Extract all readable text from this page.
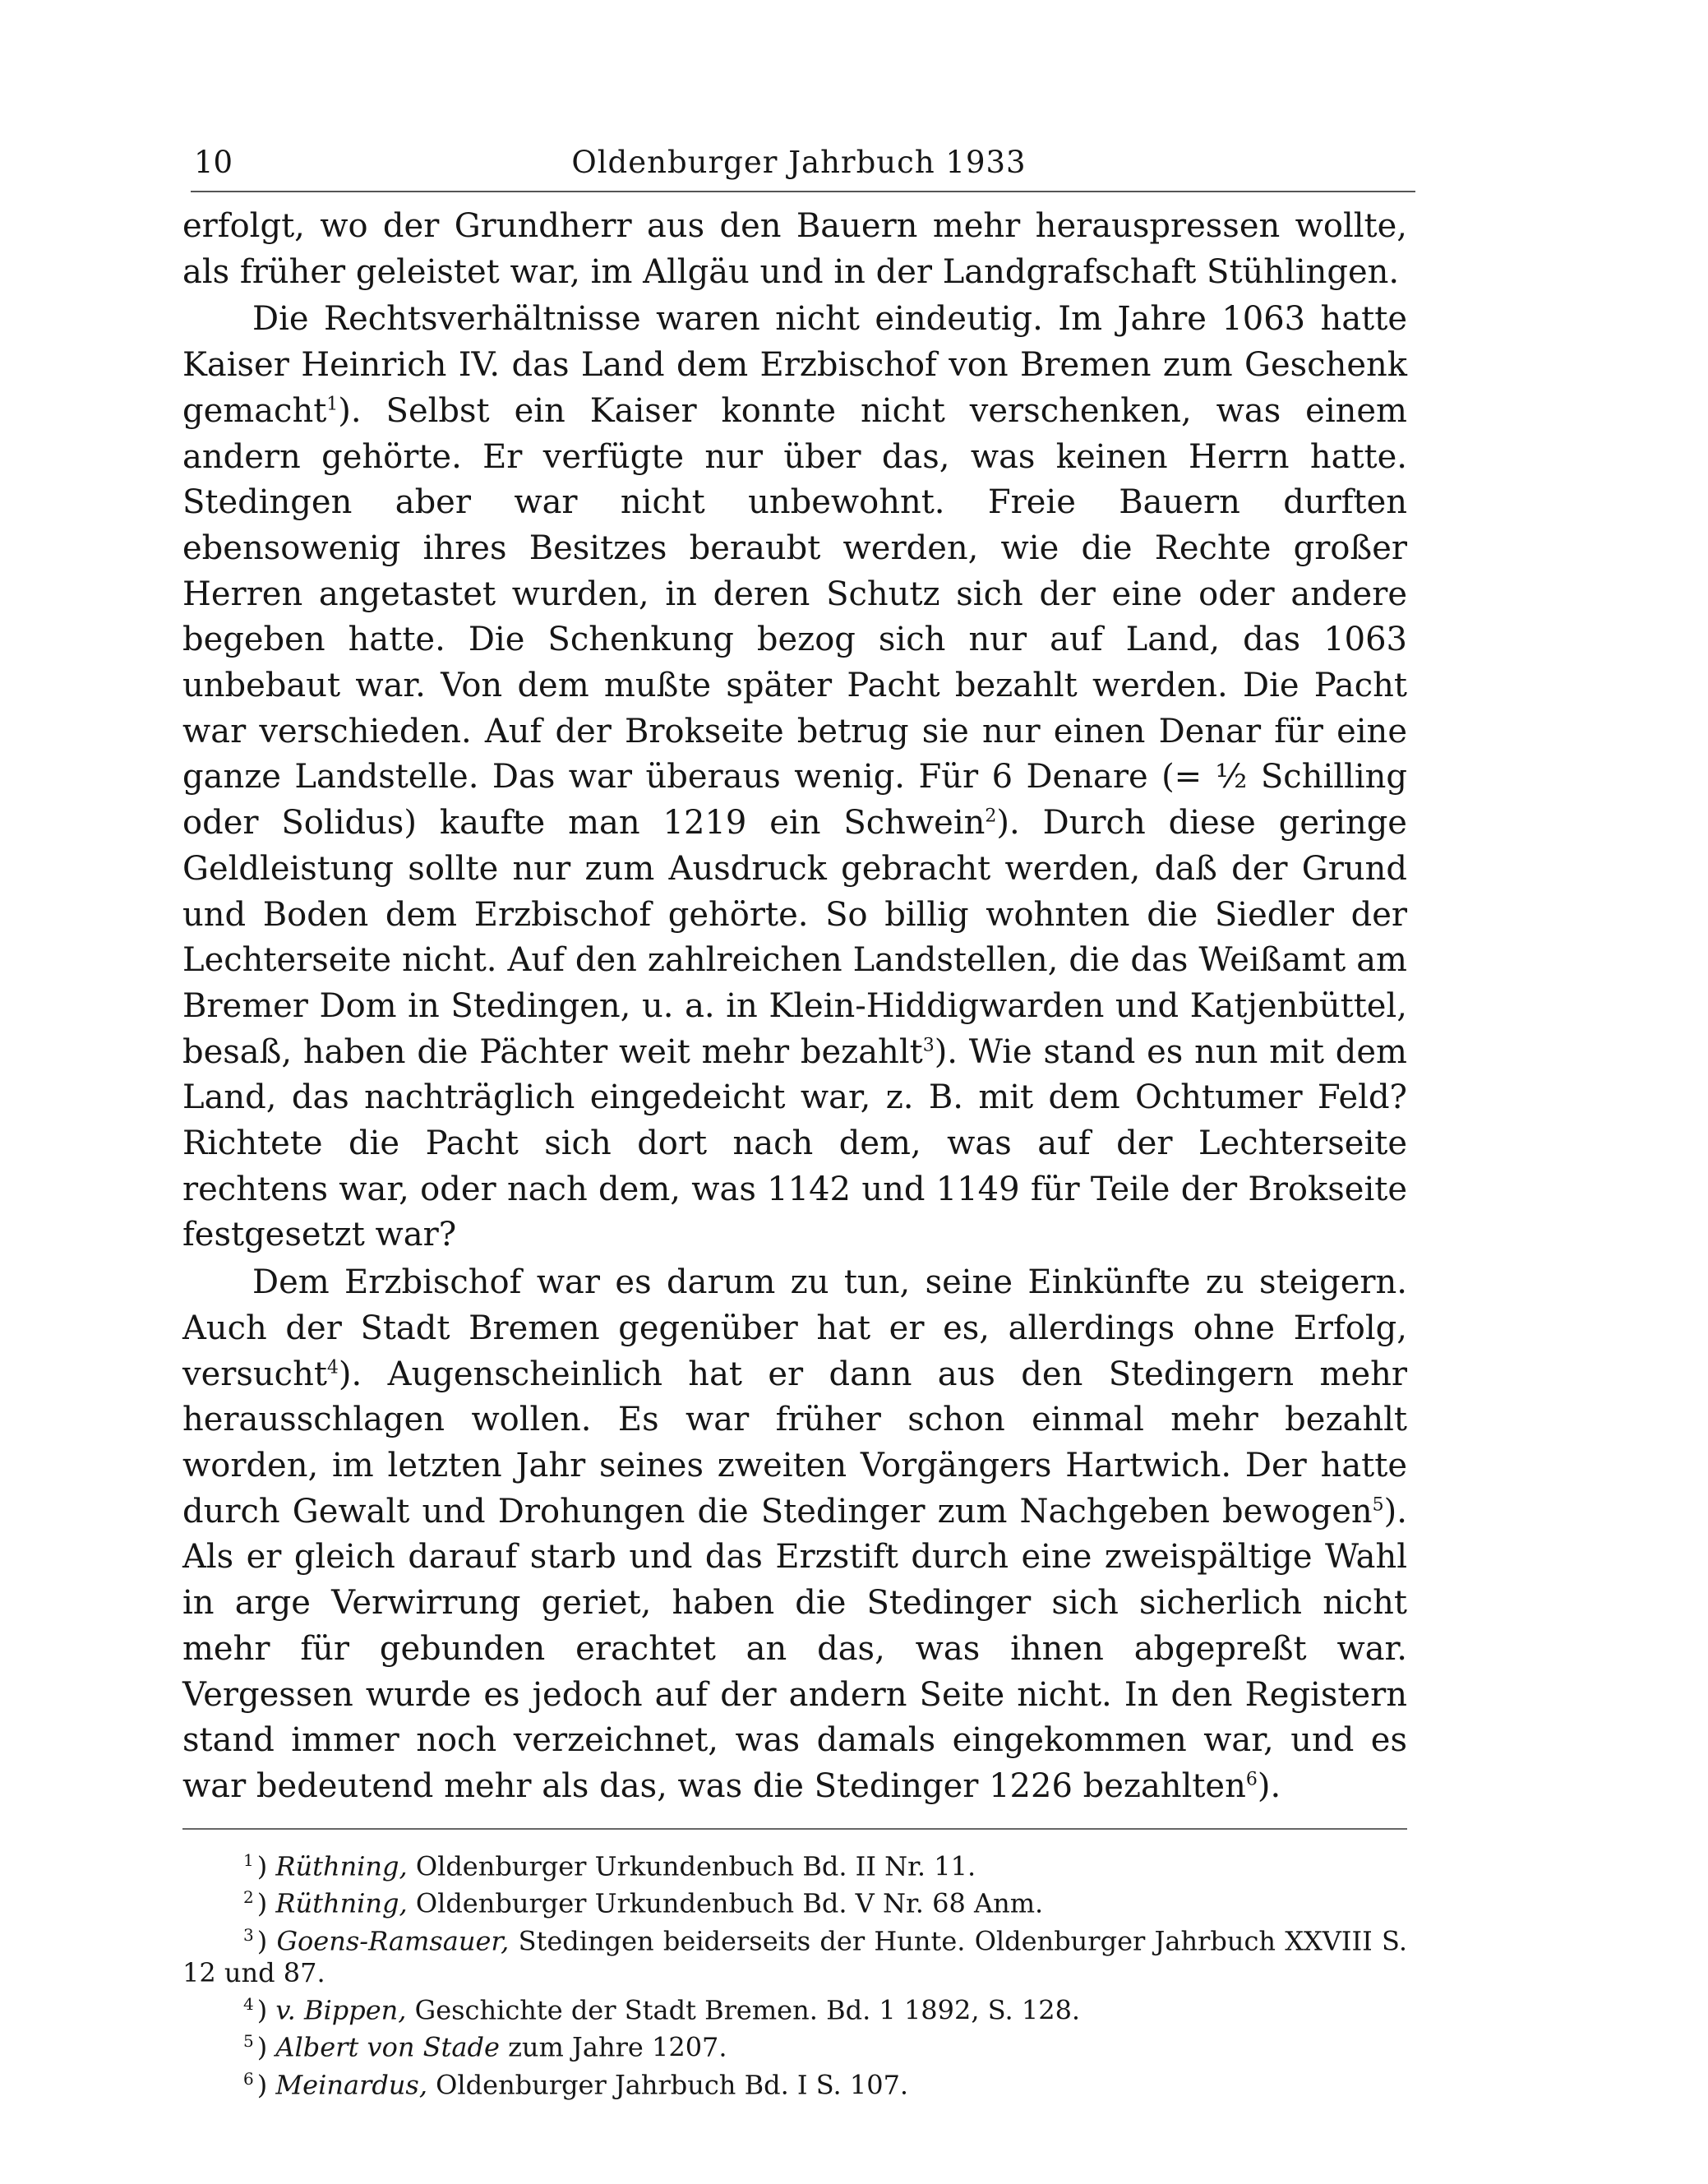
10	Oldenburger Jahrbuch 1933

erfolgt, wo der Grundherr aus den Bauern mehr herauspressen wollte, als früher geleistet war, im Allgäu und in der Landgrafschaft Stühlingen.

Die Rechtsverhältnisse waren nicht eindeutig. Im Jahre 1063 hatte Kaiser Heinrich IV. das Land dem Erzbischof von Bremen zum Geschenk gemacht$^1$). Selbst ein Kaiser konnte nicht verschenken, was einem andern gehörte. Er verfügte nur über das, was keinen Herrn hatte. Stedingen aber war nicht unbewohnt. Freie Bauern durften ebensowenig ihres Besitzes beraubt werden, wie die Rechte großer Herren angetastet wurden, in deren Schutz sich der eine oder andere begeben hatte. Die Schenkung bezog sich nur auf Land, das 1063 unbebaut war. Von dem mußte später Pacht bezahlt werden. Die Pacht war verschieden. Auf der Brokseite betrug sie nur einen Denar für eine ganze Landstelle. Das war überaus wenig. Für 6 Denare (= ½ Schilling oder Solidus) kaufte man 1219 ein Schwein$^2$). Durch diese geringe Geldleistung sollte nur zum Ausdruck gebracht werden, daß der Grund und Boden dem Erzbischof gehörte. So billig wohnten die Siedler der Lechterseite nicht. Auf den zahlreichen Landstellen, die das Weißamt am Bremer Dom in Stedingen, u. a. in Klein-Hiddigwarden und Katjenbüttel, besaß, haben die Pächter weit mehr bezahlt$^3$). Wie stand es nun mit dem Land, das nachträglich eingedeicht war, z. B. mit dem Ochtumer Feld? Richtete die Pacht sich dort nach dem, was auf der Lechterseite rechtens war, oder nach dem, was 1142 und 1149 für Teile der Brokseite festgesetzt war?

Dem Erzbischof war es darum zu tun, seine Einkünfte zu steigern. Auch der Stadt Bremen gegenüber hat er es, allerdings ohne Erfolg, versucht$^4$). Augenscheinlich hat er dann aus den Stedingern mehr herausschlagen wollen. Es war früher schon einmal mehr bezahlt worden, im letzten Jahr seines zweiten Vorgängers Hartwich. Der hatte durch Gewalt und Drohungen die Stedinger zum Nachgeben bewogen$^5$). Als er gleich darauf starb und das Erzstift durch eine zweispältige Wahl in arge Verwirrung geriet, haben die Stedinger sich sicherlich nicht mehr für gebunden erachtet an das, was ihnen abgepreßt war. Vergessen wurde es jedoch auf der andern Seite nicht. In den Registern stand immer noch verzeichnet, was damals eingekommen war, und es war bedeutend mehr als das, was die Stedinger 1226 bezahlten$^6$).

$^1$ ) Rüthning, Oldenburger Urkundenbuch Bd. II Nr. 11.
$^2$ ) Rüthning, Oldenburger Urkundenbuch Bd. V Nr. 68 Anm.
$^3$ ) Goens-Ramsauer, Stedingen beiderseits der Hunte. Oldenburger Jahrbuch XXVIII S. 12 und 87.
$^4$ ) v. Bippen, Geschichte der Stadt Bremen. Bd. 1 1892, S. 128.
$^5$ ) Albert von Stade zum Jahre 1207.
$^6$ ) Meinardus, Oldenburger Jahrbuch Bd. I S. 107.
